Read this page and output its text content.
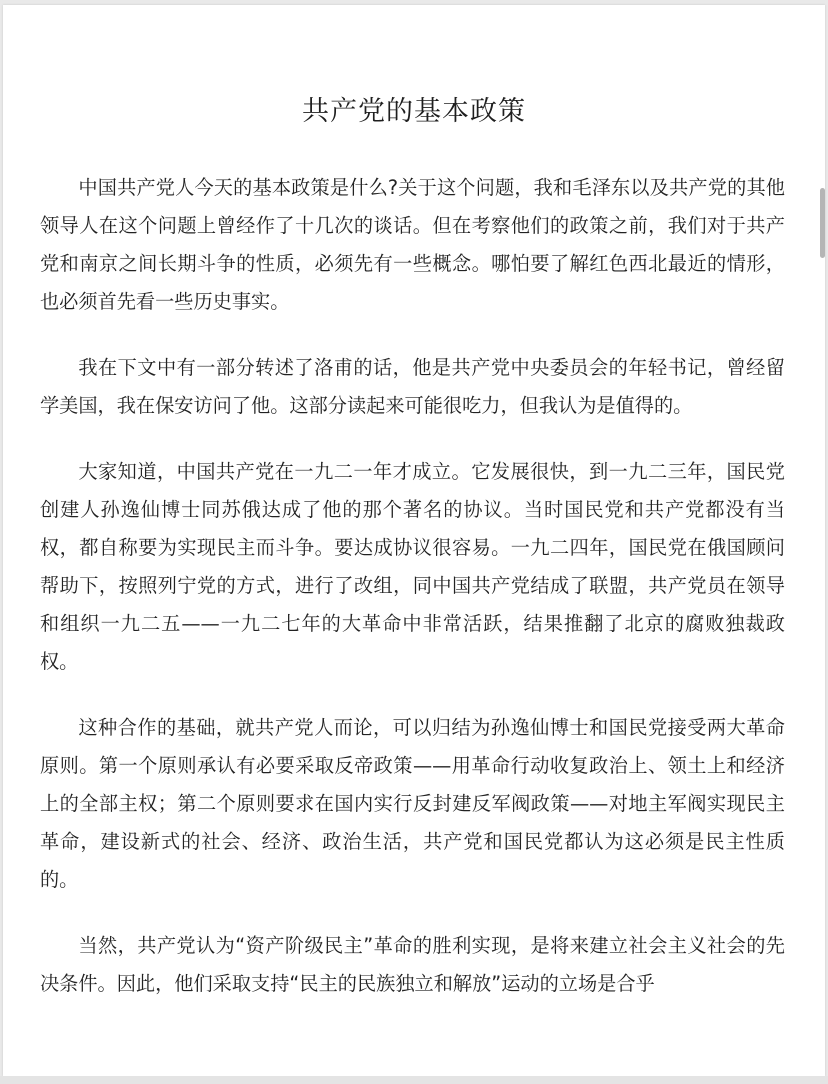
共产党的基本政策

中国共产党人今天的基本政策是什么?关于这个问题，我和毛泽东以及共产党的其他领导人在这个问题上曾经作了十几次的谈话。但在考察他们的政策之前，我们对于共产党和南京之间长期斗争的性质，必须先有一些概念。哪怕要了解红色西北最近的情形，也必须首先看一些历史事实。

我在下文中有一部分转述了洛甫的话，他是共产党中央委员会的年轻书记，曾经留学美国，我在保安访问了他。这部分读起来可能很吃力，但我认为是值得的。

大家知道，中国共产党在一九二一年才成立。它发展很快，到一九二三年，国民党创建人孙逸仙博士同苏俄达成了他的那个著名的协议。当时国民党和共产党都没有当权，都自称要为实现民主而斗争。要达成协议很容易。一九二四年，国民党在俄国顾问帮助下，按照列宁党的方式，进行了改组，同中国共产党结成了联盟，共产党员在领导和组织一九二五——一九二七年的大革命中非常活跃，结果推翻了北京的腐败独裁政权。

这种合作的基础，就共产党人而论，可以归结为孙逸仙博士和国民党接受两大革命原则。第一个原则承认有必要采取反帝政策——用革命行动收复政治上、领土上和经济上的全部主权；第二个原则要求在国内实行反封建反军阀政策——对地主军阀实现民主革命，建设新式的社会、经济、政治生活，共产党和国民党都认为这必须是民主性质的。

当然，共产党认为“资产阶级民主”革命的胜利实现，是将来建立社会主义社会的先决条件。因此，他们采取支持“民主的民族独立和解放”运动的立场是合乎
